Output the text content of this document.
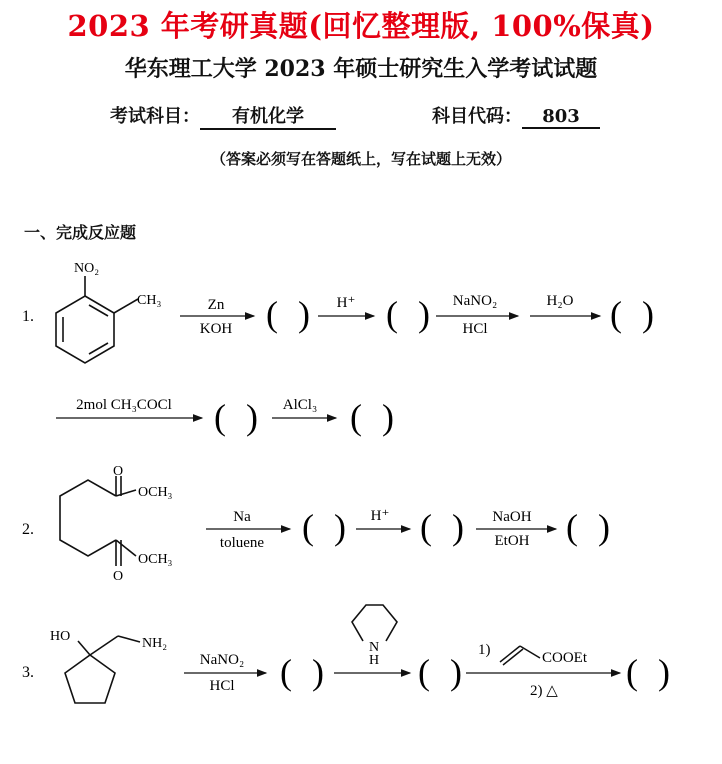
2023 年考研真题(回忆整理版, 100%保真)
华东理工大学 2023 年硕士研究生入学考试试题
考试科目： 有机化学	科目代码： 803
（答案必须写在答题纸上，写在试题上无效）
一、完成反应题
1.
NO₂
CH₃	Zn
KOH ( ) H⁺ ( ) NaNO₂
HCl
H₂O ( )
2mol CH₃COCl ( ) AlCl₃ ( )
2.
O
O
OCH₃
OCH₃
Na
toluene ( ) H⁺ ( ) NaOH
EtOH ( )
3.
HO	NH₂
NaNO₂
HCl ( )
N
H ( )
1)	COOEt
2) △ ( )
